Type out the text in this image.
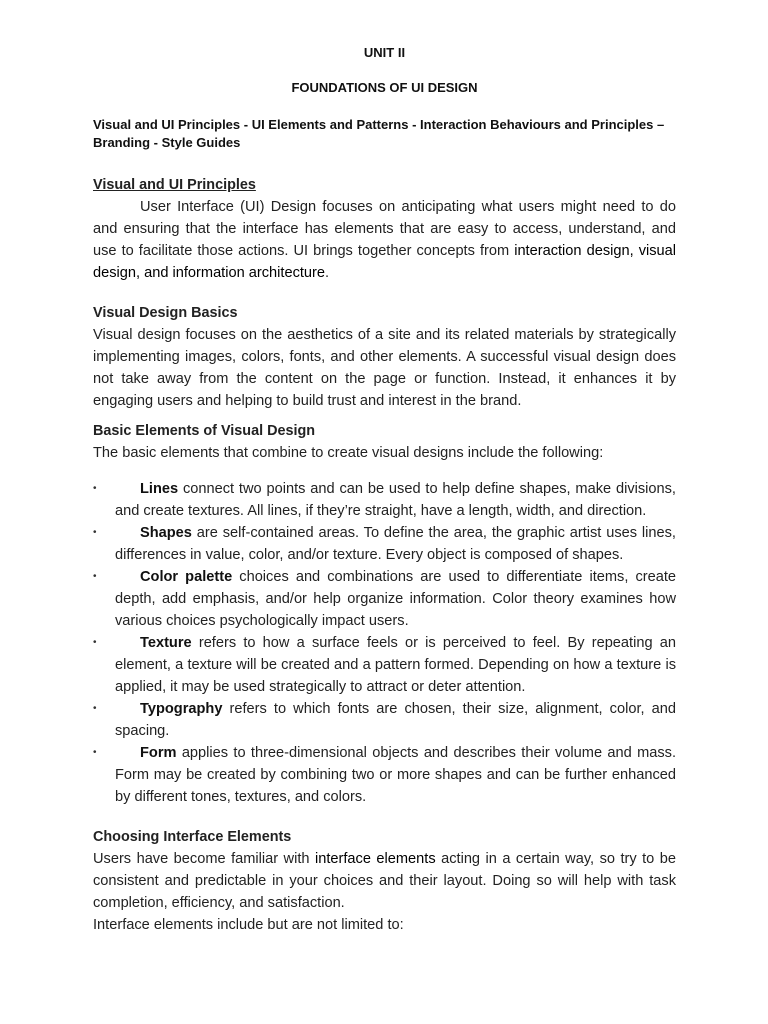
UNIT II

FOUNDATIONS OF UI DESIGN

Visual and UI Principles - UI Elements and Patterns - Interaction Behaviours and Principles – Branding - Style Guides

Visual and UI Principles

User Interface (UI) Design focuses on anticipating what users might need to do and ensuring that the interface has elements that are easy to access, understand, and use to facilitate those actions. UI brings together concepts from interaction design, visual design, and information architecture.

Visual Design Basics

Visual design focuses on the aesthetics of a site and its related materials by strategically implementing images, colors, fonts, and other elements. A successful visual design does not take away from the content on the page or function. Instead, it enhances it by engaging users and helping to build trust and interest in the brand.

Basic Elements of Visual Design

The basic elements that combine to create visual designs include the following:

•	Lines connect two points and can be used to help define shapes, make divisions, and create textures. All lines, if they’re straight, have a length, width, and direction.
•	Shapes are self-contained areas. To define the area, the graphic artist uses lines, differences in value, color, and/or texture. Every object is composed of shapes.
•	Color palette choices and combinations are used to differentiate items, create depth, add emphasis, and/or help organize information. Color theory examines how various choices psychologically impact users.
•	Texture refers to how a surface feels or is perceived to feel. By repeating an element, a texture will be created and a pattern formed. Depending on how a texture is applied, it may be used strategically to attract or deter attention.
•	Typography refers to which fonts are chosen, their size, alignment, color, and spacing.
•	Form applies to three-dimensional objects and describes their volume and mass. Form may be created by combining two or more shapes and can be further enhanced by different tones, textures, and colors.

Choosing Interface Elements

Users have become familiar with interface elements acting in a certain way, so try to be consistent and predictable in your choices and their layout. Doing so will help with task completion, efficiency, and satisfaction.

Interface elements include but are not limited to:
